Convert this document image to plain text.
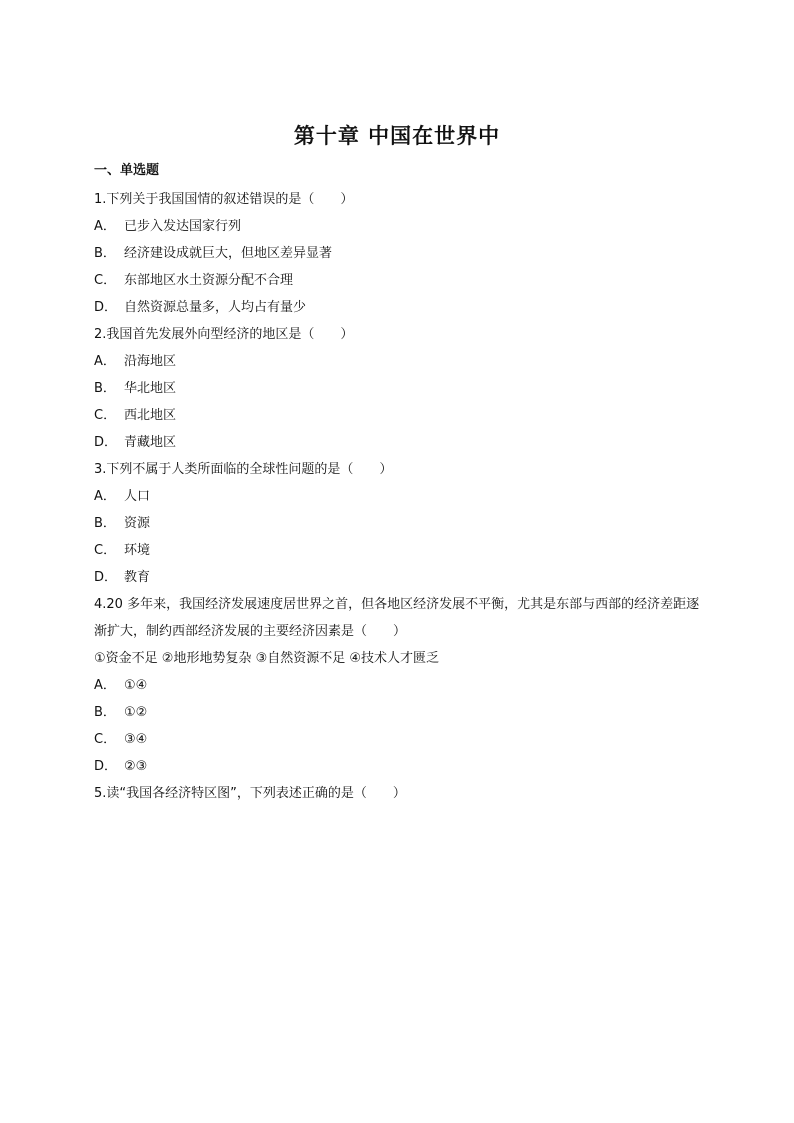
第十章 中国在世界中
一、单选题
1.下列关于我国国情的叙述错误的是（　　）
A． 已步入发达国家行列
B． 经济建设成就巨大，但地区差异显著
C． 东部地区水土资源分配不合理
D． 自然资源总量多，人均占有量少
2.我国首先发展外向型经济的地区是（　　）
A． 沿海地区
B． 华北地区
C． 西北地区
D． 青藏地区
3.下列不属于人类所面临的全球性问题的是（　　）
A． 人口
B． 资源
C． 环境
D． 教育
4.20 多年来，我国经济发展速度居世界之首，但各地区经济发展不平衡，尤其是东部与西部的经济差距逐渐扩大，制约西部经济发展的主要经济因素是（　　）
①资金不足 ②地形地势复杂 ③自然资源不足 ④技术人才匮乏
A． ①④
B． ①②
C． ③④
D． ②③
5.读“我国各经济特区图”，下列表述正确的是（　　）
